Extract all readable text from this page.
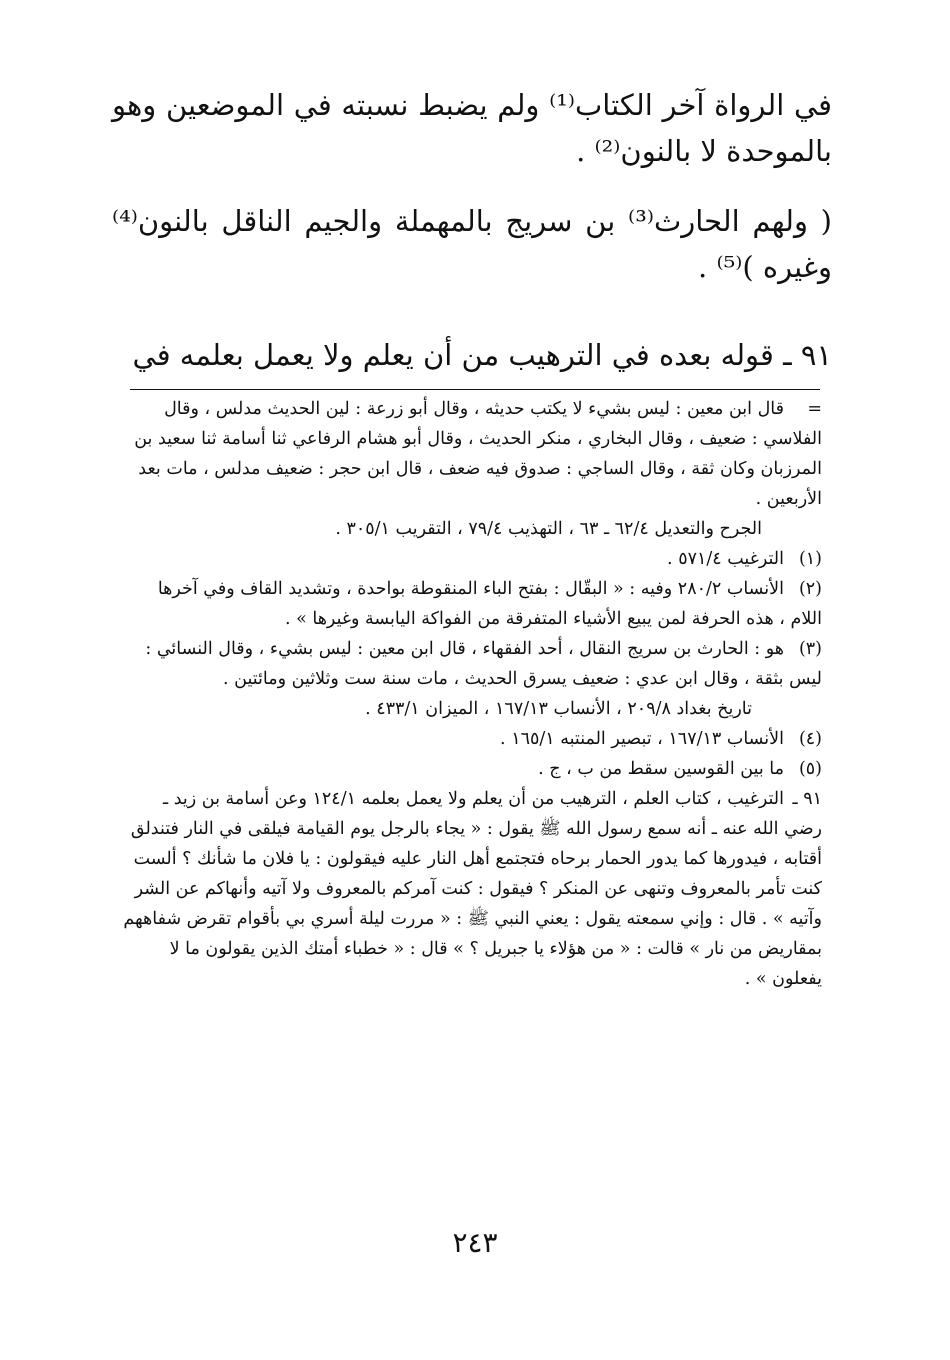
في الرواة آخر الكتاب⁽¹⁾ ولم يضبط نسبته في الموضعين وهو بالموحدة لا بالنون⁽²⁾ .

( ولهم الحارث⁽³⁾ بن سريج بالمهملة والجيم الناقل بالنون⁽⁴⁾ وغيره )⁽⁵⁾ .

٩١ ـ قوله بعده في الترهيب من أن يعلم ولا يعمل بعلمه في

=قال ابن معين : ليس بشيء لا يكتب حديثه ، وقال أبو زرعة : لين الحديث مدلس ، وقال الفلاسي : ضعيف ، وقال البخاري ، منكر الحديث ، وقال أبو هشام الرفاعي ثنا أسامة ثنا سعيد بن المرزبان وكان ثقة ، وقال الساجي : صدوق فيه ضعف ، قال ابن حجر : ضعيف مدلس ، مات بعد الأربعين .

الجرح والتعديل ٦٢/٤ ـ ٦٣ ، التهذيب ٧٩/٤ ، التقريب ٣٠٥/١ .

(١)الترغيب ٥٧١/٤ .

(٢)الأنساب ٢٨٠/٢ وفيه : « البقّال : بفتح الباء المنقوطة بواحدة ، وتشديد القاف وفي آخرها اللام ، هذه الحرفة لمن يبيع الأشياء المتفرقة من الفواكة اليابسة وغيرها » .

(٣)هو : الحارث بن سريج النقال ، أحد الفقهاء ، قال ابن معين : ليس بشيء ، وقال النسائي : ليس بثقة ، وقال ابن عدي : ضعيف يسرق الحديث ، مات سنة ست وثلاثين ومائتين .

تاريخ بغداد ٢٠٩/٨ ، الأنساب ١٦٧/١٣ ، الميزان ٤٣٣/١ .

(٤)الأنساب ١٦٧/١٣ ، تبصير المنتبه ١٦٥/١ .

(٥)ما بين القوسين سقط من ب ، ج .

٩١ ـالترغيب ، كتاب العلم ، الترهيب من أن يعلم ولا يعمل بعلمه ١٢٤/١ وعن أسامة بن زيد ـ رضي الله عنه ـ أنه سمع رسول الله ﷺ يقول : « يجاء بالرجل يوم القيامة فيلقى في النار فتندلق أقتابه ، فيدورها كما يدور الحمار برحاه فتجتمع أهل النار عليه فيقولون : يا فلان ما شأنك ؟ ألست كنت تأمر بالمعروف وتنهى عن المنكر ؟ فيقول : كنت آمركم بالمعروف ولا آتيه وأنهاكم عن الشر وآتيه » . قال : وإني سمعته يقول : يعني النبي ﷺ : « مررت ليلة أسري بي بأقوام تقرض شفاههم بمقاريض من نار » قالت : « من هؤلاء يا جبريل ؟ » قال : « خطباء أمتك الذين يقولون ما لا يفعلون » .

٢٤٣
